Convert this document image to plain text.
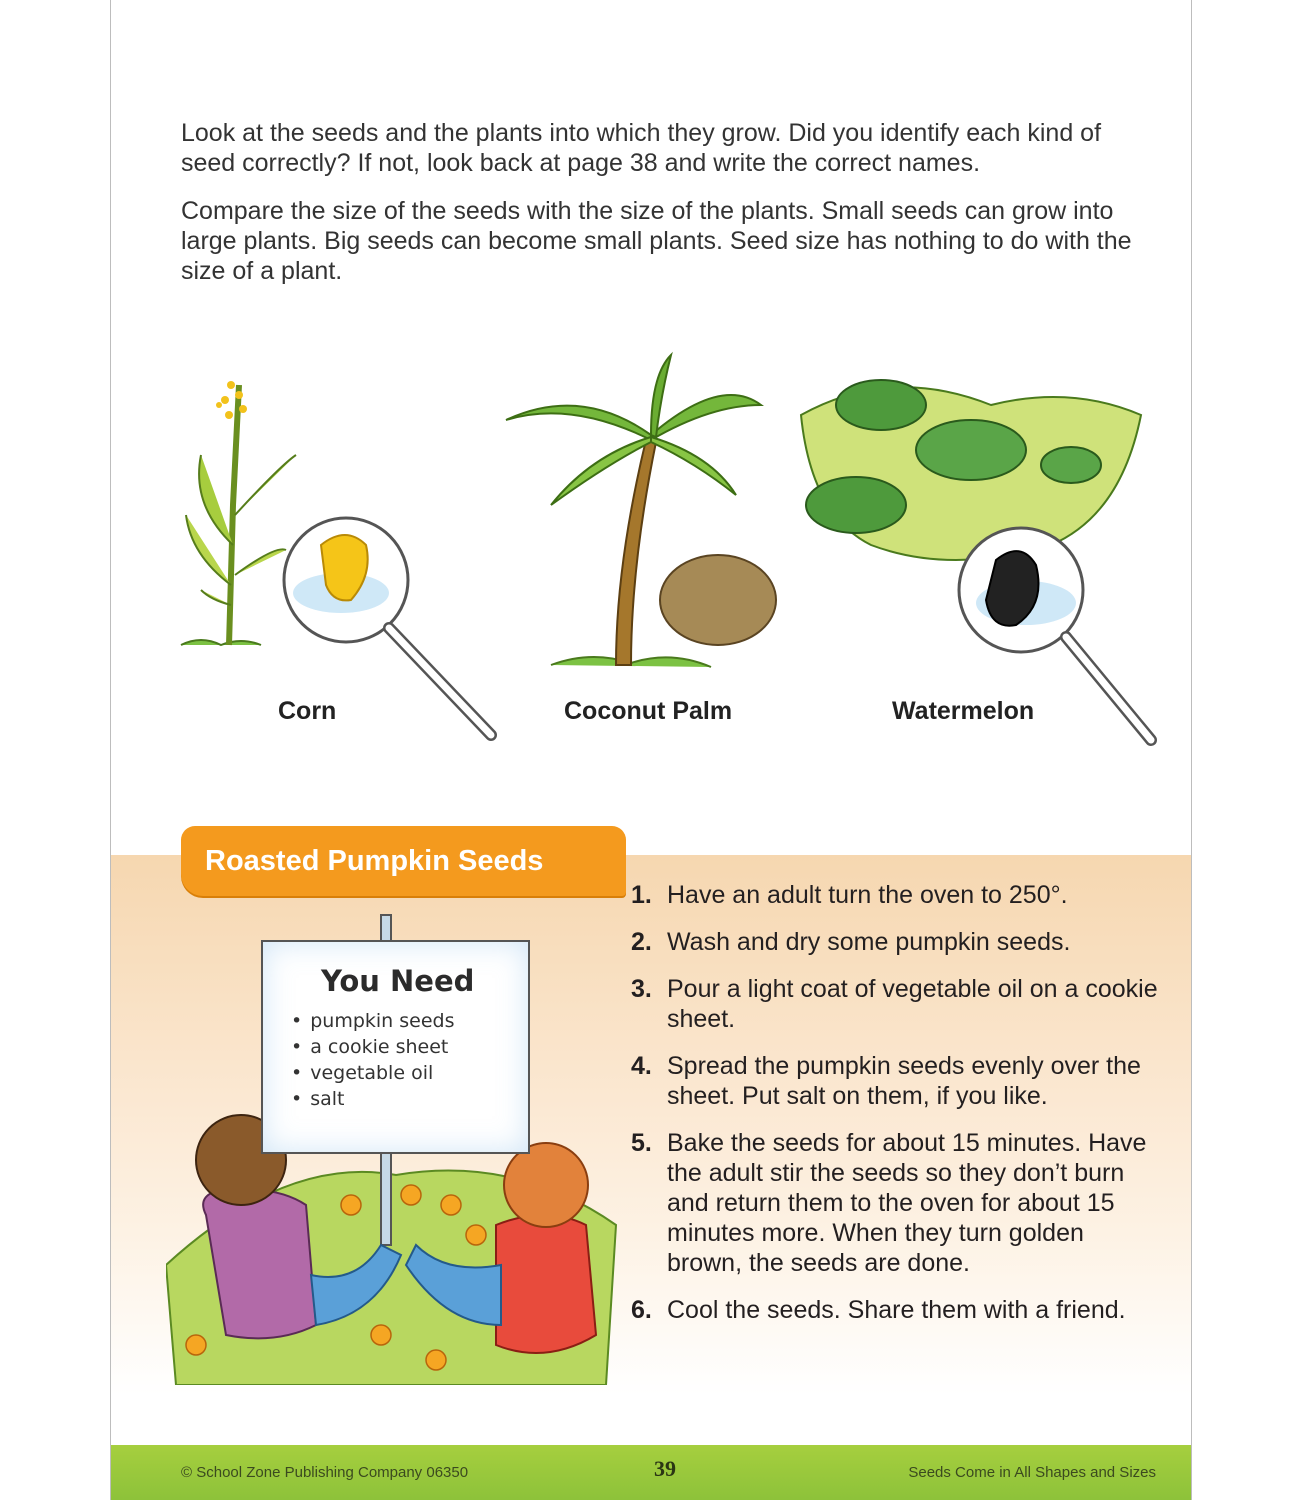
Look at the seeds and the plants into which they grow. Did you identify each kind of seed correctly? If not, look back at page 38 and write the correct names.

Compare the size of the seeds with the size of the plants. Small seeds can grow into large plants. Big seeds can become small plants. Seed size has nothing to do with the size of a plant.

Corn	Coconut Palm	Watermelon
Roasted Pumpkin Seeds
You Need
• pumpkin seeds
• a cookie sheet
• vegetable oil
• salt
1. Have an adult turn the oven to 250°.
2. Wash and dry some pumpkin seeds.
3. Pour a light coat of vegetable oil on a cookie sheet.
4. Spread the pumpkin seeds evenly over the sheet. Put salt on them, if you like.
5. Bake the seeds for about 15 minutes. Have the adult stir the seeds so they don’t burn and return them to the oven for about 15 minutes more. When they turn golden brown, the seeds are done.
6. Cool the seeds. Share them with a friend.
© School Zone Publishing Company 06350	39	Seeds Come in All Shapes and Sizes
